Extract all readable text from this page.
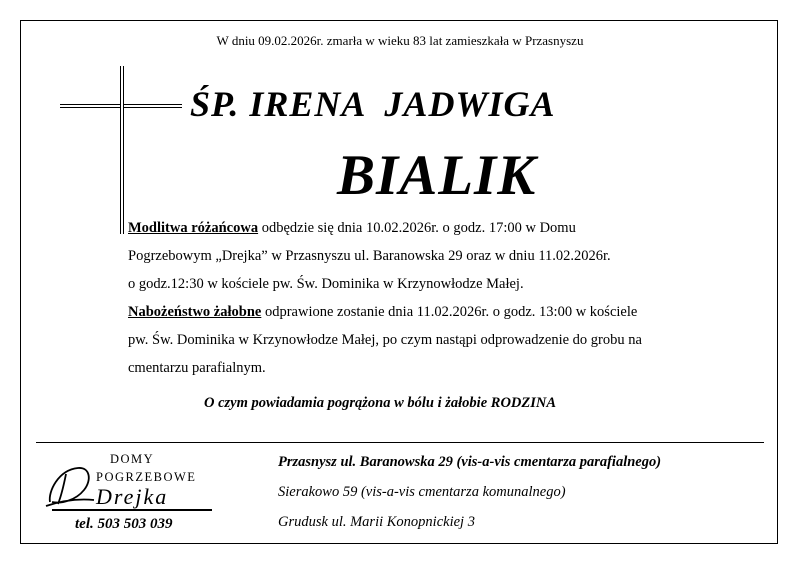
W dniu 09.02.2026r. zmarła w wieku 83 lat zamieszkała w Przasnyszu
ŚP. IRENA  JADWIGA
BIALIK
Modlitwa różańcowa odbędzie się dnia 10.02.2026r. o godz. 17:00 w Domu
Pogrzebowym „Drejka” w Przasnyszu ul. Baranowska 29 oraz w dniu 11.02.2026r.
o godz.12:30 w kościele pw. Św. Dominika w Krzynowłodze Małej.
Nabożeństwo żałobne odprawione zostanie dnia 11.02.2026r. o godz. 13:00 w kościele
pw. Św. Dominika w Krzynowłodze Małej, po czym nastąpi odprowadzenie do grobu na
cmentarzu parafialnym.
O czym powiadamia pogrążona w bólu i żałobie RODZINA
DOMY
POGRZEBOWE
Drejka
tel. 503 503 039
Przasnysz ul. Baranowska 29 (vis-a-vis cmentarza parafialnego)
Sierakowo 59 (vis-a-vis cmentarza komunalnego)
Grudusk ul. Marii Konopnickiej 3
